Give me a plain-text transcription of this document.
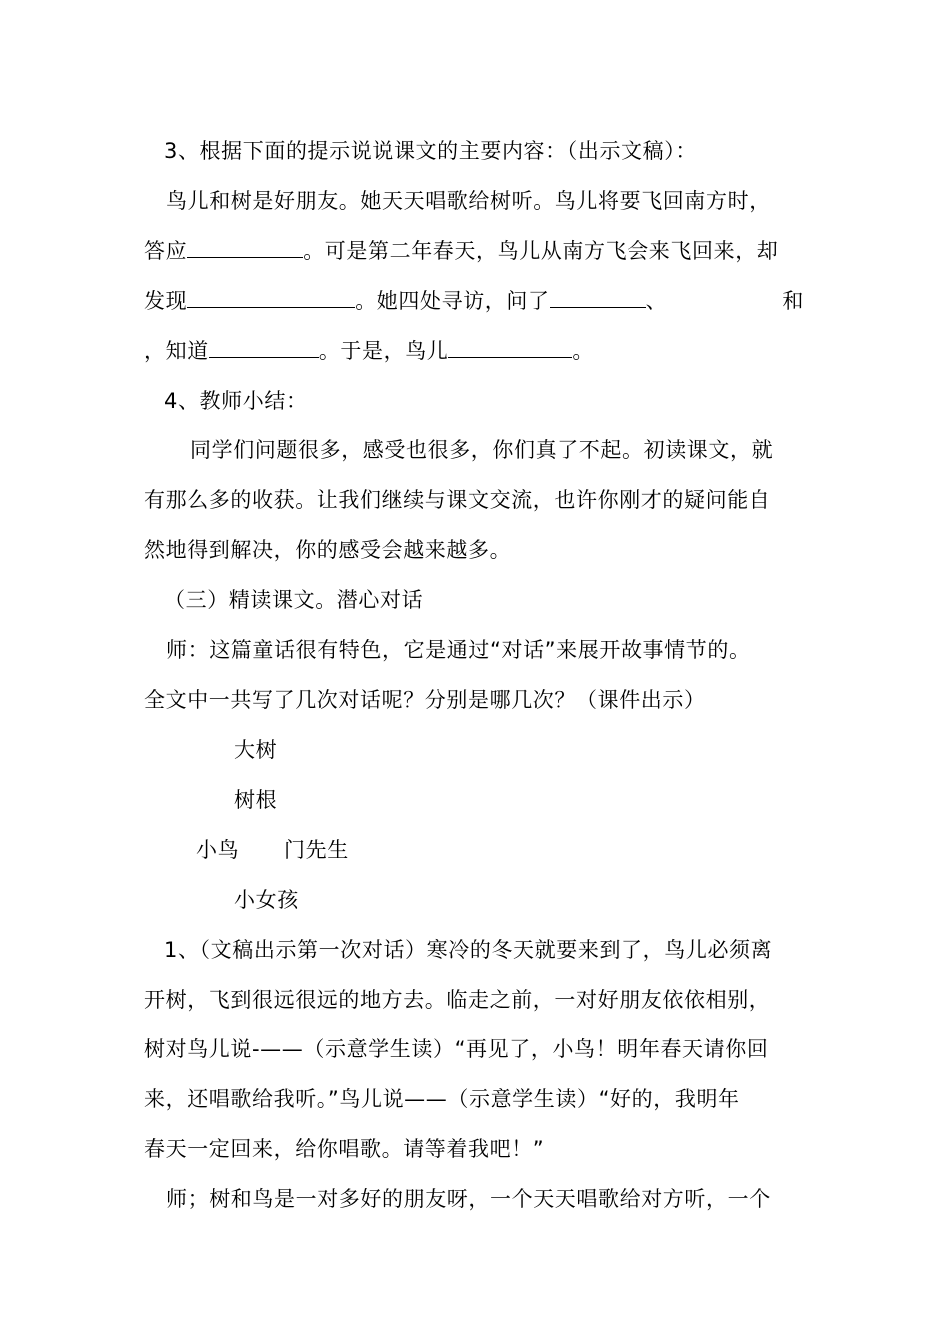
3、根据下面的提示说说课文的主要内容：（出示文稿）：
鸟儿和树是好朋友。她天天唱歌给树听。鸟儿将要飞回南方时，
答应	。可是第二年春天，鸟儿从南方飞会来飞回来，却
发现	。她四处寻访，问了	、	和
，知道	。于是，鸟儿	。
4、教师小结：
同学们问题很多，感受也很多，你们真了不起。初读课文，就
有那么多的收获。让我们继续与课文交流，也许你刚才的疑问能自
然地得到解决，你的感受会越来越多。
（三）精读课文。潜心对话
师：这篇童话很有特色，它是通过“对话”来展开故事情节的。
全文中一共写了几次对话呢？分别是哪几次？（课件出示）
大树
树根
小鸟 门先生
小女孩
1、（文稿出示第一次对话）寒冷的冬天就要来到了，鸟儿必须离
开树，飞到很远很远的地方去。临走之前，一对好朋友依依相别，
树对鸟儿说-——（示意学生读）“再见了，小鸟！明年春天请你回
来，还唱歌给我听。”鸟儿说——（示意学生读）“好的，我明年
春天一定回来，给你唱歌。请等着我吧！”
师；树和鸟是一对多好的朋友呀，一个天天唱歌给对方听，一个
